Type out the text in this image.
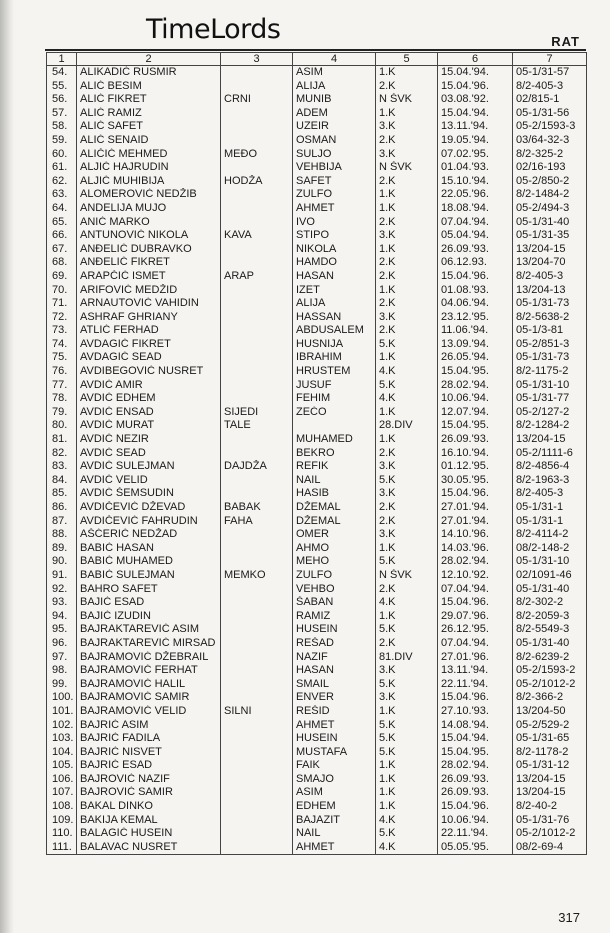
TimeLords	RAT
1	2	3	4	5	6	7
54.	ALIKADIĆ RUSMIR		ASIM	1.K	15.04.'94.	05-1/31-57
55.	ALIĆ BESIM		ALIJA	2.K	15.04.'96.	8/2-405-3
56.	ALIĆ FIKRET	CRNI	MUNIB	N ŠVK	03.08.'92.	02/815-1
57.	ALIĆ RAMIZ		ADEM	1.K	15.04.'94.	05-1/31-56
58.	ALIĆ SAFET		UZEIR	3.K	13.11.'94.	05-2/1593-3
59.	ALIĆ SENAID		OSMAN	2.K	19.05.'94.	03/64-32-3
60.	ALIČIĆ MEHMED	MEĐO	SULJO	3.K	07.02.'95.	8/2-325-2
61.	ALJIĆ HAJRUDIN		VEHBIJA	N ŠVK	01.04.'93.	02/16-193
62.	ALJIĆ MUHIBIJA	HODŽA	SAFET	2.K	15.10.'94.	05-2/850-2
63.	ALOMEROVIĆ NEDŽIB		ZULFO	1.K	22.05.'96.	8/2-1484-2
64.	ANDELIJA MUJO		AHMET	1.K	18.08.'94.	05-2/494-3
65.	ANIĆ MARKO		IVO	2.K	07.04.'94.	05-1/31-40
66.	ANTUNOVIĆ NIKOLA	KAVA	STIPO	3.K	05.04.'94.	05-1/31-35
67.	ANĐELIĆ DUBRAVKO		NIKOLA	1.K	26.09.'93.	13/204-15
68.	ANĐELIĆ FIKRET		HAMDO	2.K	06.12.93.	13/204-70
69.	ARAPČIĆ ISMET	ARAP	HASAN	2.K	15.04.'96.	8/2-405-3
70.	ARIFOVIĆ MEDŽID		IZET	1.K	01.08.'93.	13/204-13
71.	ARNAUTOVIĆ VAHIDIN		ALIJA	2.K	04.06.'94.	05-1/31-73
72.	ASHRAF GHRIANY		HASSAN	3.K	23.12.'95.	8/2-5638-2
73.	ATLIĆ FERHAD		ABDUSALEM	2.K	11.06.'94.	05-1/3-81
74.	AVDAGIĆ FIKRET		HUSNIJA	5.K	13.09.'94.	05-2/851-3
75.	AVDAGIĆ SEAD		IBRAHIM	1.K	26.05.'94.	05-1/31-73
76.	AVDIBEGOVIĆ NUSRET		HRUSTEM	4.K	15.04.'95.	8/2-1175-2
77.	AVDIĆ AMIR		JUSUF	5.K	28.02.'94.	05-1/31-10
78.	AVDIĆ EDHEM		FEHIM	4.K	10.06.'94.	05-1/31-77
79.	AVDIĆ ENSAD	SIJEDI	ZEĆO	1.K	12.07.'94.	05-2/127-2
80.	AVDIĆ MURAT	TALE		28.DIV	15.04.'95.	8/2-1284-2
81.	AVDIĆ NEZIR		MUHAMED	1.K	26.09.'93.	13/204-15
82.	AVDIĆ SEAD		BEKRO	2.K	16.10.'94.	05-2/1111-6
83.	AVDIĆ SULEJMAN	DAJDŽA	REFIK	3.K	01.12.'95.	8/2-4856-4
84.	AVDIĆ VELID		NAIL	5.K	30.05.'95.	8/2-1963-3
85.	AVDIĆ ŠEMSUDIN		HASIB	3.K	15.04.'96.	8/2-405-3
86.	AVDIČEVIĆ DŽEVAD	BABAK	DŽEMAL	2.K	27.01.'94.	05-1/31-1
87.	AVDIČEVIĆ FAHRUDIN	FAHA	DŽEMAL	2.K	27.01.'94.	05-1/31-1
88.	AŠĆERIĆ NEDŽAD		OMER	3.K	14.10.'96.	8/2-4114-2
89.	BABIĆ HASAN		AHMO	1.K	14.03.'96.	08/2-148-2
90.	BABIĆ MUHAMED		MEHO	5.K	28.02.'94.	05-1/31-10
91.	BABIĆ SULEJMAN	MEMKO	ZULFO	N ŠVK	12.10.'92.	02/1091-46
92.	BAHRO SAFET		VEHBO	2.K	07.04.'94.	05-1/31-40
93.	BAJIĆ ESAD		ŠABAN	4.K	15.04.'96.	8/2-302-2
94.	BAJIĆ IZUDIN		RAMIZ	1.K	29.07.'96.	8/2-2059-3
95.	BAJRAKTAREVIĆ ASIM		HUSEIN	5.K	26.12.'95.	8/2-5549-3
96.	BAJRAKTAREVIĆ MIRSAD		REŠAD	2.K	07.04.'94.	05-1/31-40
97.	BAJRAMOVIĆ DŽEBRAIL		NAZIF	81.DIV	27.01.'96.	8/2-6239-2
98.	BAJRAMOVIĆ FERHAT		HASAN	3.K	13.11.'94.	05-2/1593-2
99.	BAJRAMOVIĆ HALIL		SMAIL	5.K	22.11.'94.	05-2/1012-2
100.	BAJRAMOVIĆ SAMIR		ENVER	3.K	15.04.'96.	8/2-366-2
101.	BAJRAMOVIĆ VELID	SILNI	REŠID	1.K	27.10.'93.	13/204-50
102.	BAJRIĆ ASIM		AHMET	5.K	14.08.'94.	05-2/529-2
103.	BAJRIĆ FADILA		HUSEIN	5.K	15.04.'94.	05-1/31-65
104.	BAJRIĆ NISVET		MUSTAFA	5.K	15.04.'95.	8/2-1178-2
105.	BAJRIĆ ESAD		FAIK	1.K	28.02.'94.	05-1/31-12
106.	BAJROVIĆ NAZIF		SMAJO	1.K	26.09.'93.	13/204-15
107.	BAJROVIĆ SAMIR		ASIM	1.K	26.09.'93.	13/204-15
108.	BAKAL DINKO		EDHEM	1.K	15.04.'96.	8/2-40-2
109.	BAKIJA KEMAL		BAJAZIT	4.K	10.06.'94.	05-1/31-76
110.	BALAGIĆ HUSEIN		NAIL	5.K	22.11.'94.	05-2/1012-2
111.	BALAVAC NUSRET		AHMET	4.K	05.05.'95.	08/2-69-4
317
